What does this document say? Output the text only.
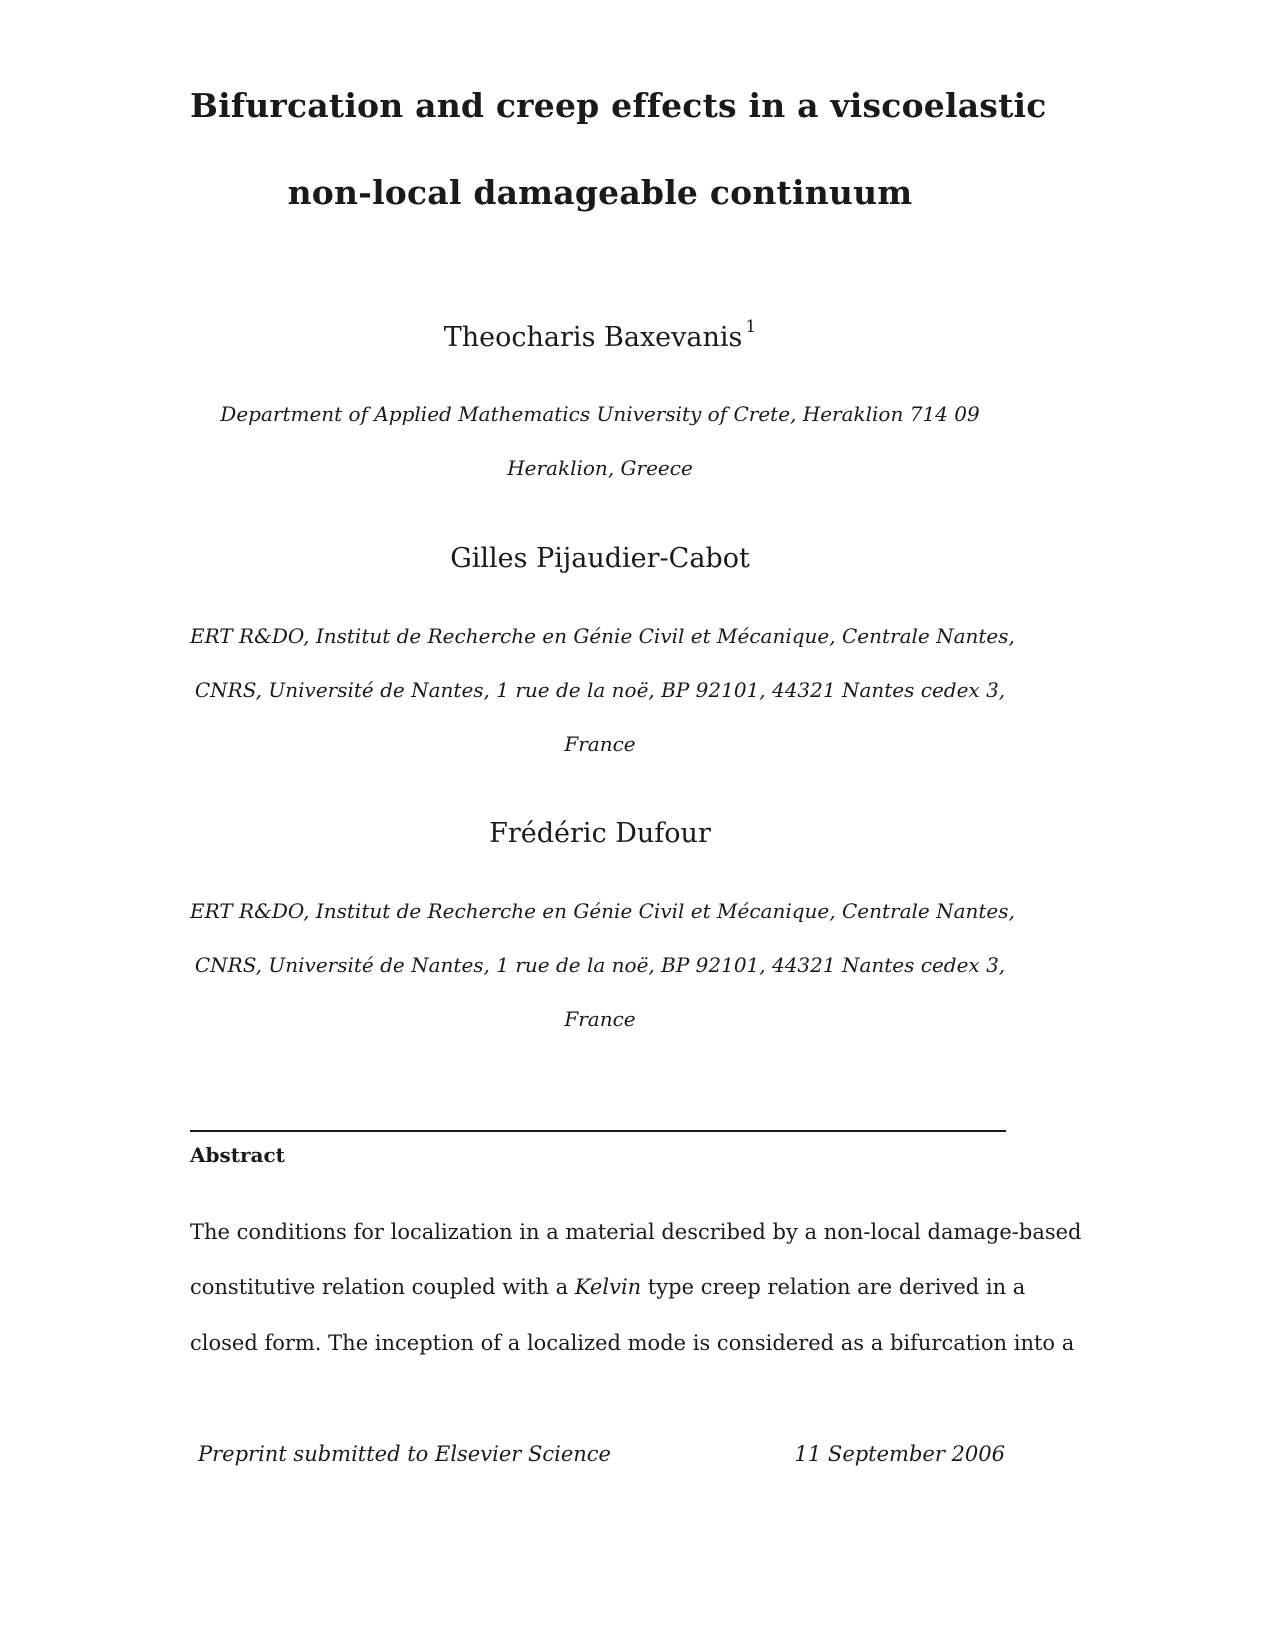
Bifurcation and creep effects in a viscoelastic
non-local damageable continuum
Theocharis Baxevanis $^1$
Department of Applied Mathematics University of Crete, Heraklion 714 09
Heraklion, Greece
Gilles Pijaudier-Cabot
ERT R&DO, Institut de Recherche en Génie Civil et Mécanique, Centrale Nantes,
CNRS, Université de Nantes, 1 rue de la noë, BP 92101, 44321 Nantes cedex 3,
France
Frédéric Dufour
ERT R&DO, Institut de Recherche en Génie Civil et Mécanique, Centrale Nantes,
CNRS, Université de Nantes, 1 rue de la noë, BP 92101, 44321 Nantes cedex 3,
France
Abstract
The conditions for localization in a material described by a non-local damage-based
constitutive relation coupled with a Kelvin type creep relation are derived in a
closed form. The inception of a localized mode is considered as a bifurcation into a
Preprint submitted to Elsevier Science	11 September 2006
